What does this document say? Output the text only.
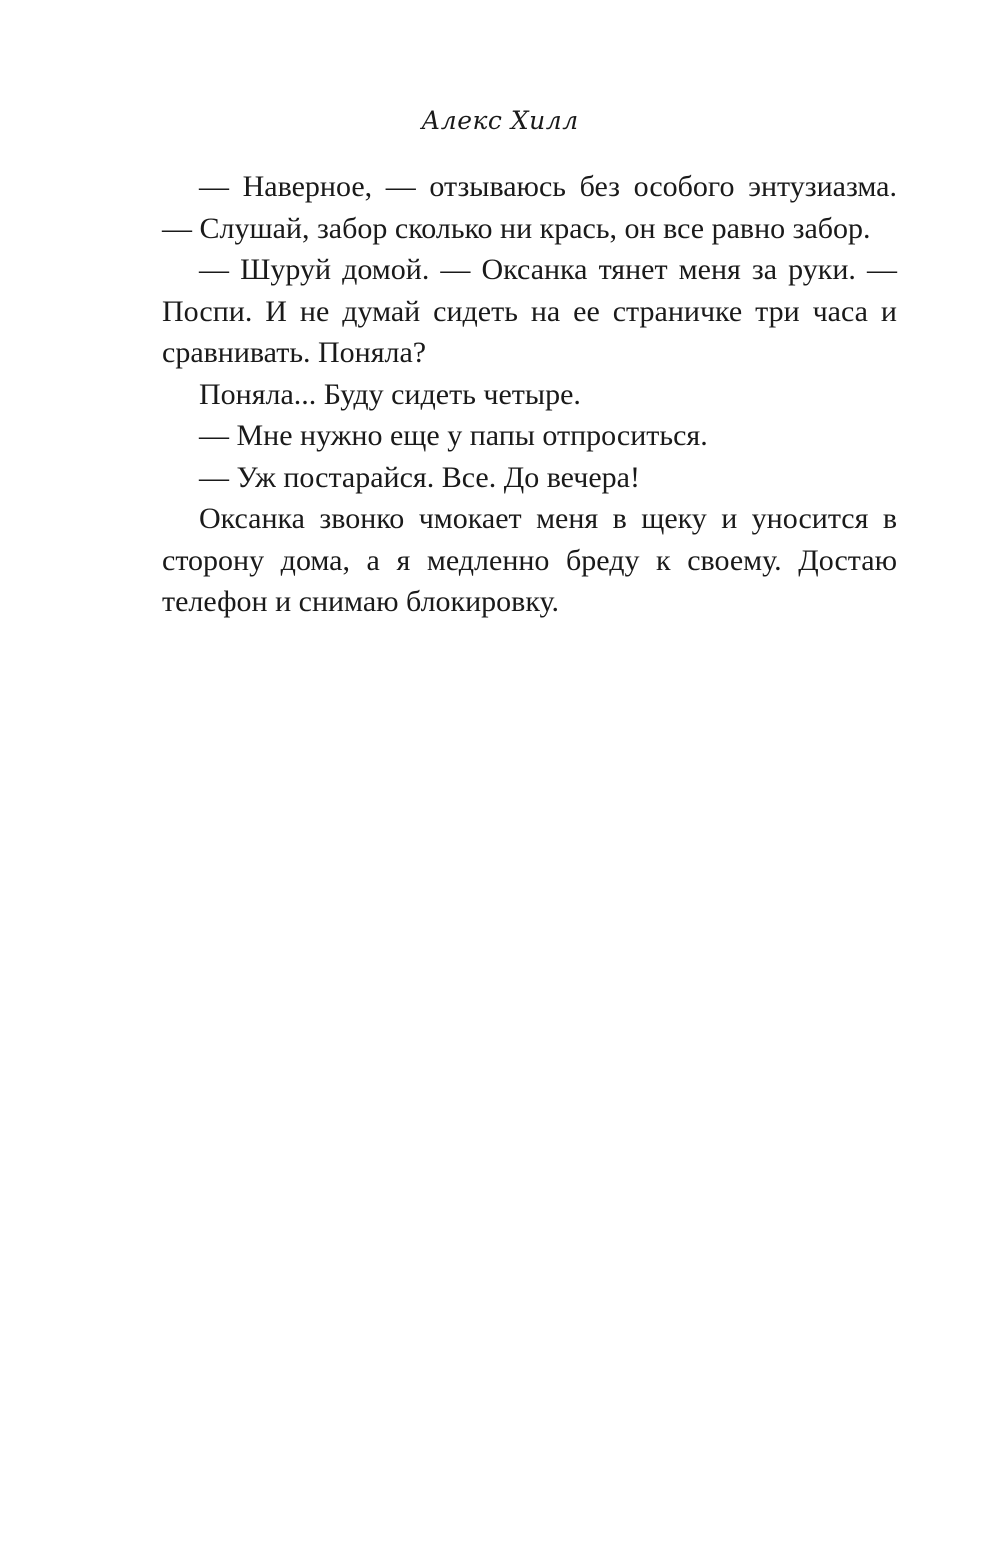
Алекс Хилл

— Наверное, — отзываюсь без особого энтузиазма. — Слушай, забор сколько ни крась, он все равно забор.

— Шуруй домой. — Оксанка тянет меня за руки. — Поспи. И не думай сидеть на ее страничке три часа и сравнивать. Поняла?

Поняла... Буду сидеть четыре.

— Мне нужно еще у папы отпроситься.

— Уж постарайся. Все. До вечера!

Оксанка звонко чмокает меня в щеку и уносится в сторону дома, а я медленно бреду к своему. Достаю телефон и снимаю блокировку.
